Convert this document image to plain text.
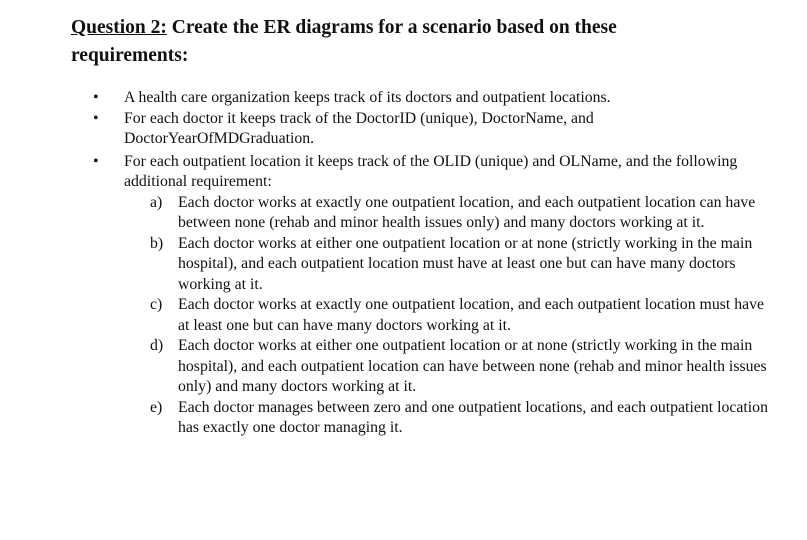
Question 2: Create the ER diagrams for a scenario based on these
requirements:
• A health care organization keeps track of its doctors and outpatient locations.
• For each doctor it keeps track of the DoctorID (unique), DoctorName, and DoctorYearOfMDGraduation.
• For each outpatient location it keeps track of the OLID (unique) and OLName, and the following additional requirement:
a) Each doctor works at exactly one outpatient location, and each outpatient location can have between none (rehab and minor health issues only) and many doctors working at it.
b) Each doctor works at either one outpatient location or at none (strictly working in the main hospital), and each outpatient location must have at least one but can have many doctors working at it.
c) Each doctor works at exactly one outpatient location, and each outpatient location must have at least one but can have many doctors working at it.
d) Each doctor works at either one outpatient location or at none (strictly working in the main hospital), and each outpatient location can have between none (rehab and minor health issues only) and many doctors working at it.
e) Each doctor manages between zero and one outpatient locations, and each outpatient location has exactly one doctor managing it.
